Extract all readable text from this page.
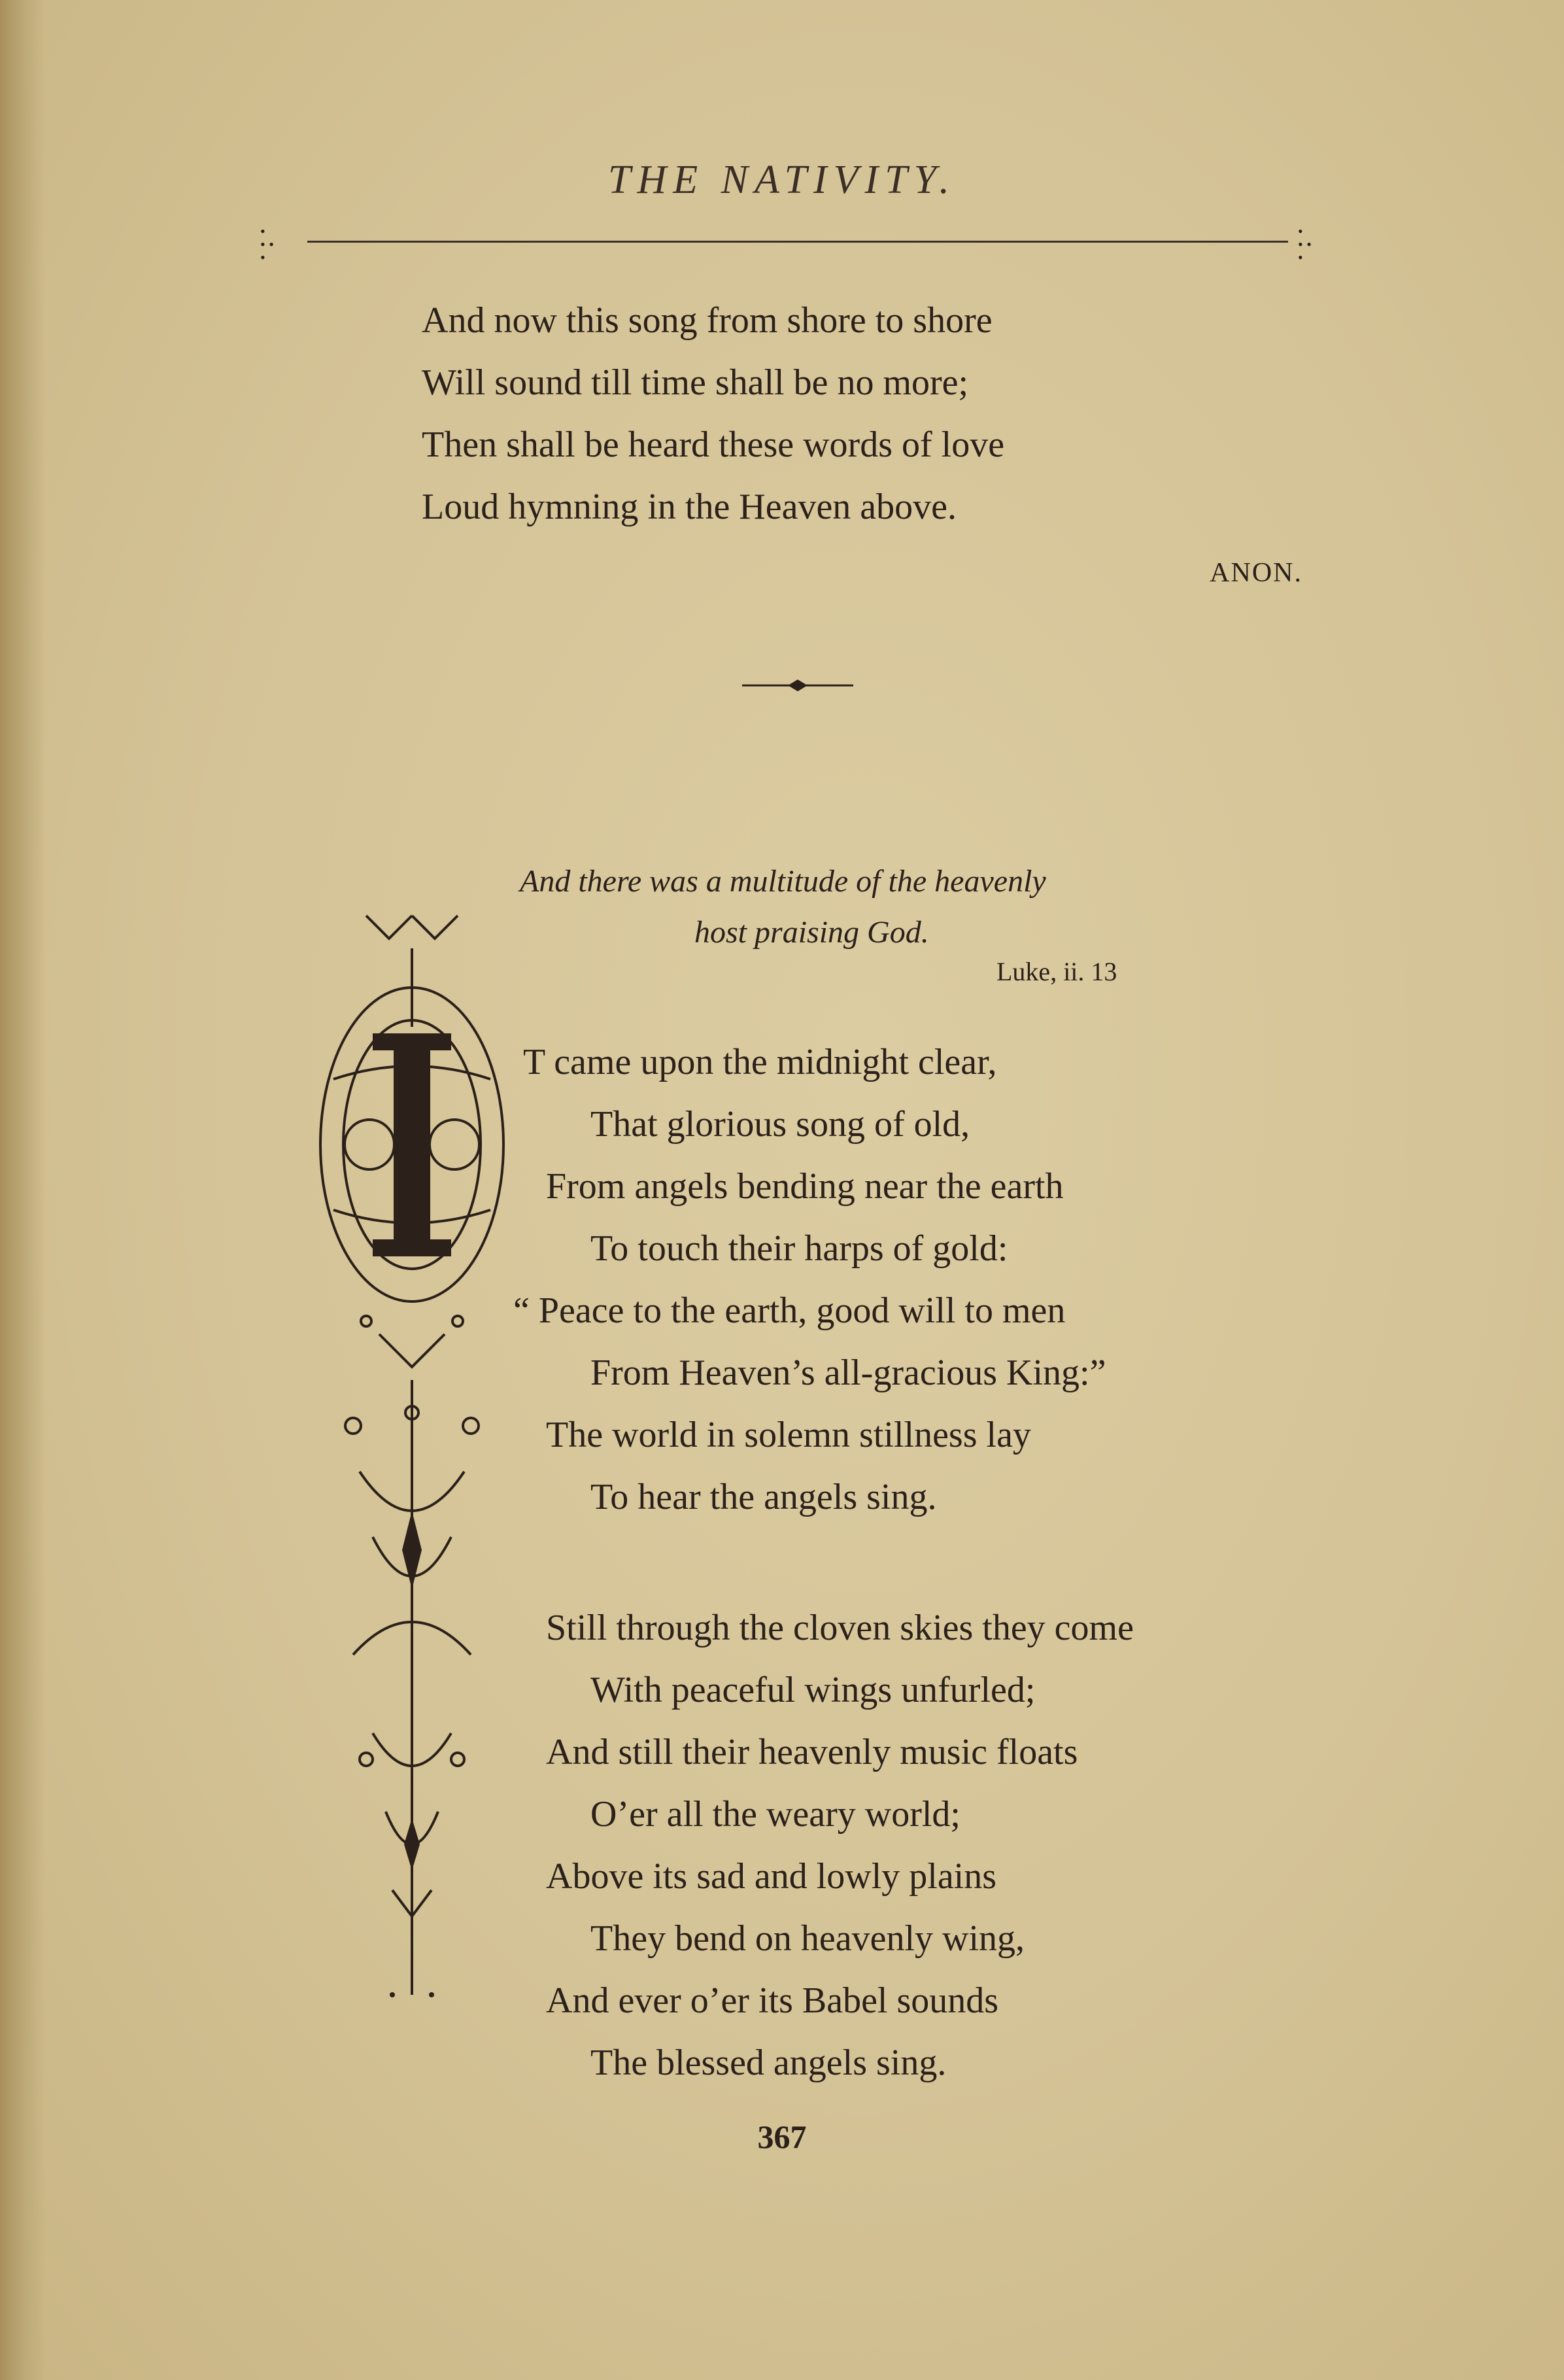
THE NATIVITY.
•
• •
•
•
• •
•
And now this song from shore to shore
Will sound till time shall be no more;
Then shall be heard these words of love
Loud hymning in the Heaven above.
ANON.
And there was a multitude of the heavenly
host praising God.
Luke, ii. 13
T came upon the midnight clear,
That glorious song of old,
From angels bending near the earth
To touch their harps of gold:
“ Peace to the earth, good will to men
From Heaven’s all-gracious King:”
The world in solemn stillness lay
To hear the angels sing.
Still through the cloven skies they come
With peaceful wings unfurled;
And still their heavenly music floats
O’er all the weary world;
Above its sad and lowly plains
They bend on heavenly wing,
And ever o’er its Babel sounds
The blessed angels sing.
367
